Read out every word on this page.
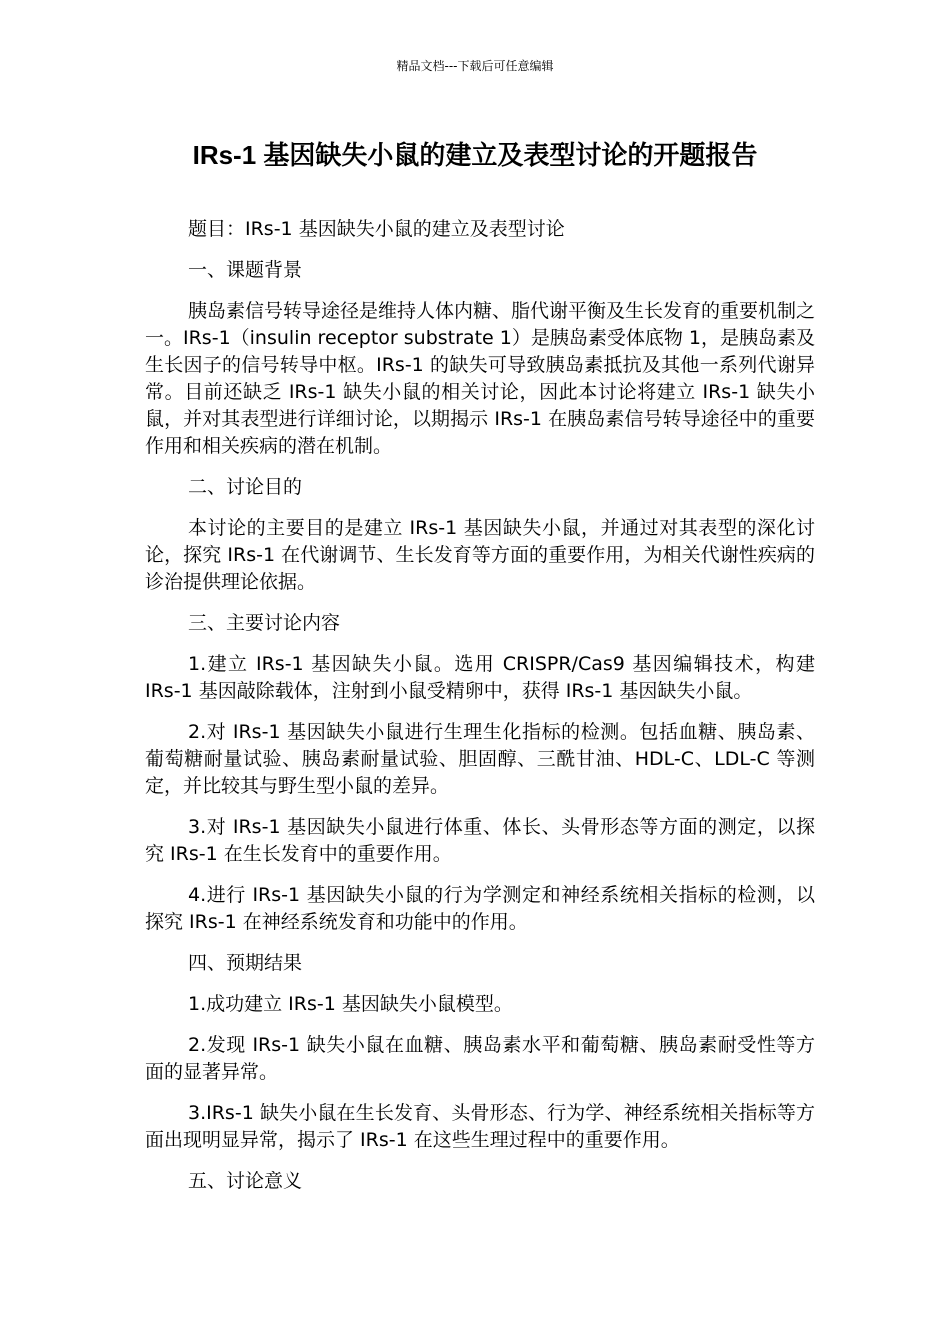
精品文档---下载后可任意编辑
IRs-1 基因缺失小鼠的建立及表型讨论的开题报告

题目：IRs-1 基因缺失小鼠的建立及表型讨论

一、课题背景

胰岛素信号转导途径是维持人体内糖、脂代谢平衡及生长发育的重要机制之一。IRs-1（insulin receptor substrate 1）是胰岛素受体底物 1，是胰岛素及生长因子的信号转导中枢。IRs-1 的缺失可导致胰岛素抵抗及其他一系列代谢异常。目前还缺乏 IRs-1 缺失小鼠的相关讨论，因此本讨论将建立 IRs-1 缺失小鼠，并对其表型进行详细讨论，以期揭示 IRs-1 在胰岛素信号转导途径中的重要作用和相关疾病的潜在机制。

二、讨论目的

本讨论的主要目的是建立 IRs-1 基因缺失小鼠，并通过对其表型的深化讨论，探究 IRs-1 在代谢调节、生长发育等方面的重要作用，为相关代谢性疾病的诊治提供理论依据。

三、主要讨论内容

1.建立 IRs-1 基因缺失小鼠。选用 CRISPR/Cas9 基因编辑技术，构建 IRs-1 基因敲除载体，注射到小鼠受精卵中，获得 IRs-1 基因缺失小鼠。

2.对 IRs-1 基因缺失小鼠进行生理生化指标的检测。包括血糖、胰岛素、葡萄糖耐量试验、胰岛素耐量试验、胆固醇、三酰甘油、HDL-C、LDL-C 等测定，并比较其与野生型小鼠的差异。

3.对 IRs-1 基因缺失小鼠进行体重、体长、头骨形态等方面的测定，以探究 IRs-1 在生长发育中的重要作用。

4.进行 IRs-1 基因缺失小鼠的行为学测定和神经系统相关指标的检测，以探究 IRs-1 在神经系统发育和功能中的作用。

四、预期结果

1.成功建立 IRs-1 基因缺失小鼠模型。

2.发现 IRs-1 缺失小鼠在血糖、胰岛素水平和葡萄糖、胰岛素耐受性等方面的显著异常。

3.IRs-1 缺失小鼠在生长发育、头骨形态、行为学、神经系统相关指标等方面出现明显异常，揭示了 IRs-1 在这些生理过程中的重要作用。

五、讨论意义
